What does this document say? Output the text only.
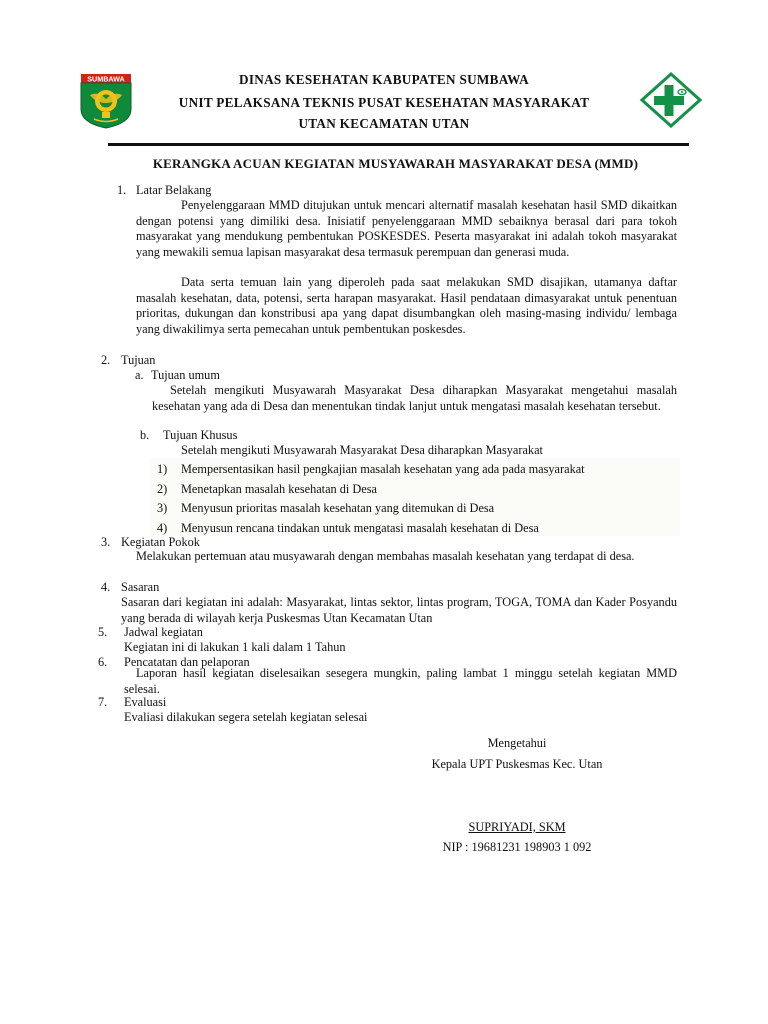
SUMBAWA	DINAS KESEHATAN KABUPATEN SUMBAWA
UNIT PELAKSANA TEKNIS PUSAT KESEHATAN MASYARAKAT
UTAN KECAMATAN UTAN
KERANGKA ACUAN KEGIATAN MUSYAWARAH MASYARAKAT DESA (MMD)
1. Latar Belakang
Penyelenggaraan MMD ditujukan untuk mencari alternatif masalah kesehatan hasil SMD dikaitkan dengan potensi yang dimiliki desa. Inisiatif penyelenggaraan MMD sebaiknya berasal dari para tokoh masyarakat yang mendukung pembentukan POSKESDES. Peserta masyarakat ini adalah tokoh masyarakat yang mewakili semua lapisan masyarakat desa termasuk perempuan dan generasi muda.
Data serta temuan lain yang diperoleh pada saat melakukan SMD disajikan, utamanya daftar masalah kesehatan, data, potensi, serta harapan masyarakat. Hasil pendataan dimasyarakat untuk penentuan prioritas, dukungan dan konstribusi apa yang dapat disumbangkan oleh masing-masing individu/ lembaga yang diwakilimya serta pemecahan untuk pembentukan poskesdes.
2. Tujuan
a. Tujuan umum
Setelah mengikuti Musyawarah Masyarakat Desa diharapkan Masyarakat mengetahui masalah kesehatan yang ada di Desa dan menentukan tindak lanjut untuk mengatasi masalah kesehatan tersebut.
b. Tujuan Khusus
Setelah mengikuti Musyawarah Masyarakat Desa diharapkan Masyarakat
1) Mempersentasikan hasil pengkajian masalah kesehatan yang ada pada masyarakat
2) Menetapkan masalah kesehatan di Desa
3) Menyusun prioritas masalah kesehatan yang ditemukan di Desa
4) Menyusun rencana tindakan untuk mengatasi masalah kesehatan di Desa
3. Kegiatan Pokok
Melakukan pertemuan atau musyawarah dengan membahas masalah kesehatan yang terdapat di desa.
4. Sasaran
Sasaran dari kegiatan ini adalah: Masyarakat, lintas sektor, lintas program, TOGA, TOMA dan Kader Posyandu yang berada di wilayah kerja Puskesmas Utan Kecamatan Utan
5. Jadwal kegiatan
Kegiatan ini di lakukan 1 kali dalam 1 Tahun
6. Pencatatan dan pelaporan
Laporan hasil kegiatan diselesaikan sesegera mungkin, paling lambat 1 minggu setelah kegiatan MMD selesai.
7. Evaluasi
Evaliasi dilakukan segera setelah kegiatan selesai
Mengetahui
Kepala UPT Puskesmas Kec. Utan
SUPRIYADI, SKM
NIP : 19681231 198903 1 092
